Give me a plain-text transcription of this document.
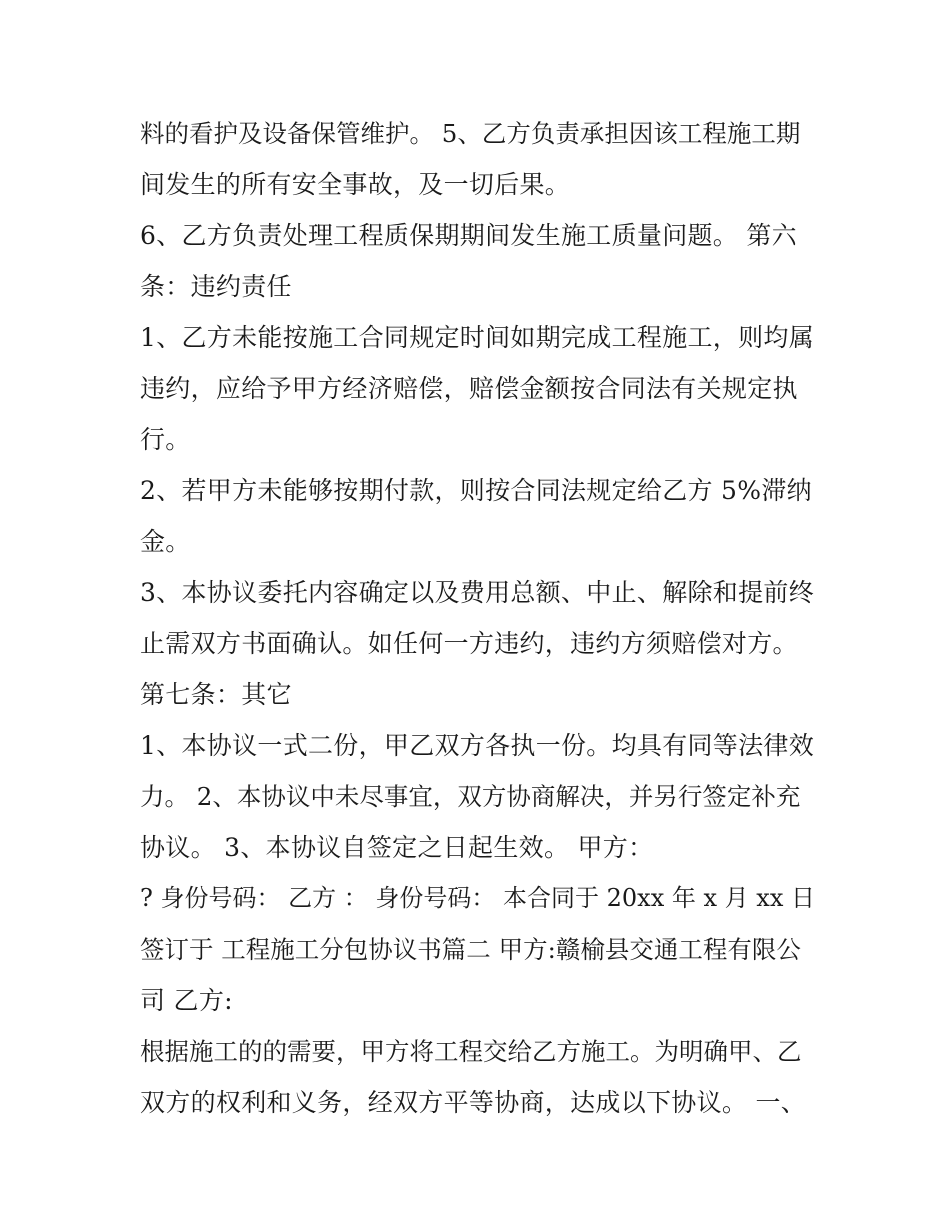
料的看护及设备保管维护。 5、乙方负责承担因该工程施工期
间发生的所有安全事故，及一切后果。
6、乙方负责处理工程质保期期间发生施工质量问题。 第六
条：违约责任
1、乙方未能按施工合同规定时间如期完成工程施工，则均属
违约，应给予甲方经济赔偿，赔偿金额按合同法有关规定执
行。
2、若甲方未能够按期付款，则按合同法规定给乙方 5%滞纳
金。
3、本协议委托内容确定以及费用总额、中止、解除和提前终
止需双方书面确认。如任何一方违约，违约方须赔偿对方。
第七条：其它
1、本协议一式二份，甲乙双方各执一份。均具有同等法律效
力。 2、本协议中未尽事宜，双方协商解决，并另行签定补充
协议。 3、本协议自签定之日起生效。 甲方：
? 身份号码： 乙方 ： 身份号码： 本合同于 20xx 年 x 月 xx 日
签订于 工程施工分包协议书篇二 甲方:赣榆县交通工程有限公
司 乙方:
根据施工的的需要，甲方将工程交给乙方施工。为明确甲、乙
双方的权利和义务，经双方平等协商，达成以下协议。 一、
